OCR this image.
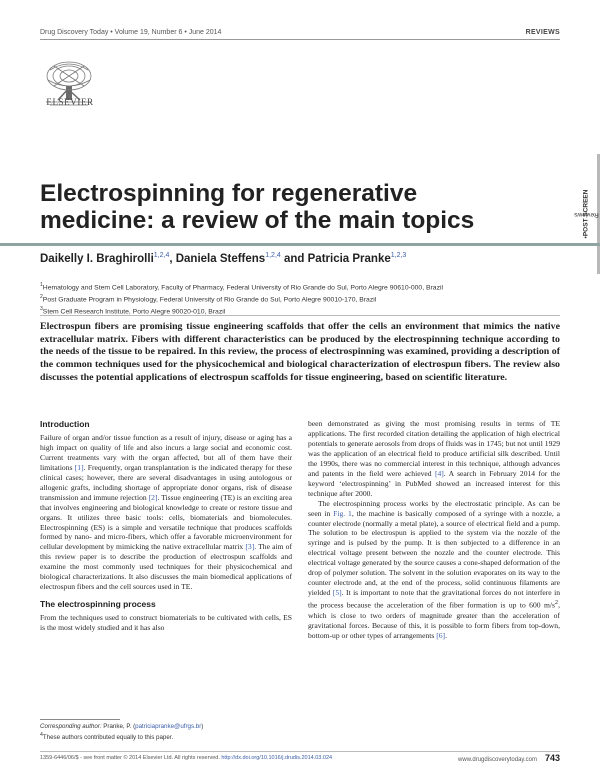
Drug Discovery Today • Volume 19, Number 6 • June 2014	REVIEWS
ELSEVIER
Reviews
•POST SCREEN
Electrospinning for regenerative medicine: a review of the main topics
Daikelly I. Braghirolli$^{1,2,4}$, Daniela Steffens$^{1,2,4}$ and Patricia Pranke$^{1,2,3}$
$^1$Hematology and Stem Cell Laboratory, Faculty of Pharmacy, Federal University of Rio Grande do Sul, Porto Alegre 90610-000, Brazil
$^2$Post Graduate Program in Physiology, Federal University of Rio Grande do Sul, Porto Alegre 90010-170, Brazil
$^3$Stem Cell Research Institute, Porto Alegre 90020-010, Brazil

Electrospun fibers are promising tissue engineering scaffolds that offer the cells an environment that mimics the native extracellular matrix. Fibers with different characteristics can be produced by the electrospinning technique according to the needs of the tissue to be repaired. In this review, the process of electrospinning was examined, providing a description of the common techniques used for the physicochemical and biological characterization of electrospun fibers. The review also discusses the potential applications of electrospun scaffolds for tissue engineering, based on scientific literature.

Introduction

Failure of organ and/or tissue function as a result of injury, disease or aging has a high impact on quality of life and also incurs a large social and economic cost. Current treatments vary with the organ affected, but all of them have their limitations [1]. Frequently, organ transplantation is the indicated therapy for these clinical cases; however, there are several disadvantages in using autologous or allogenic grafts, including shortage of appropriate donor organs, risk of disease transmission and immune rejection [2]. Tissue engineering (TE) is an exciting area that involves engineering and biological knowledge to create or restore tissue and organs. It utilizes three basic tools: cells, biomaterials and biomolecules. Electrospinning (ES) is a simple and versatile technique that produces scaffolds formed by nano- and micro-fibers, which offer a favorable microenvironment for cellular development by mimicking the native extracellular matrix [3]. The aim of this review paper is to describe the production of electrospun scaffolds and examine the most commonly used techniques for their physicochemical and biological characterizations. It also discusses the main biomedical applications of electrospun fibers and the cell sources used in TE.

The electrospinning process

From the techniques used to construct biomaterials to be cultivated with cells, ES is the most widely studied and it has also

been demonstrated as giving the most promising results in terms of TE applications. The first recorded citation detailing the application of high electrical potentials to generate aerosols from drops of fluids was in 1745; but not until 1929 was the application of an electrical field to produce artificial silk described. Until the 1990s, there was no commercial interest in this technique, although advances and patents in the field were achieved [4]. A search in February 2014 for the keyword ‘electrospinning’ in PubMed showed an increased interest for this technique after 2000.

The electrospinning process works by the electrostatic principle. As can be seen in Fig. 1, the machine is basically composed of a syringe with a nozzle, a counter electrode (normally a metal plate), a source of electrical field and a pump. The solution to be electrospun is applied to the system via the nozzle of the syringe and is pulsed by the pump. It is then subjected to a difference in an electrical voltage present between the nozzle and the counter electrode. This electrical voltage generated by the source causes a cone-shaped deformation of the drop of polymer solution. The solvent in the solution evaporates on its way to the counter electrode and, at the end of the process, solid continuous filaments are yielded [5]. It is important to note that the gravitational forces do not interfere in the process because the acceleration of the fiber formation is up to 600 $m/s^2$, which is close to two orders of magnitude greater than the acceleration of gravitational forces. Because of this, it is possible to form fibers from top-down, bottom-up or other types of arrangements [6].

Corresponding author: Pranke, P. (patriciapranke@ufrgs.br)
$^4$These authors contributed equally to this paper.
1359-6446/06/$ - see front matter © 2014 Elsevier Ltd. All rights reserved. http://dx.doi.org/10.1016/j.drudis.2014.03.024	www.drugdiscoverytoday.com 743
